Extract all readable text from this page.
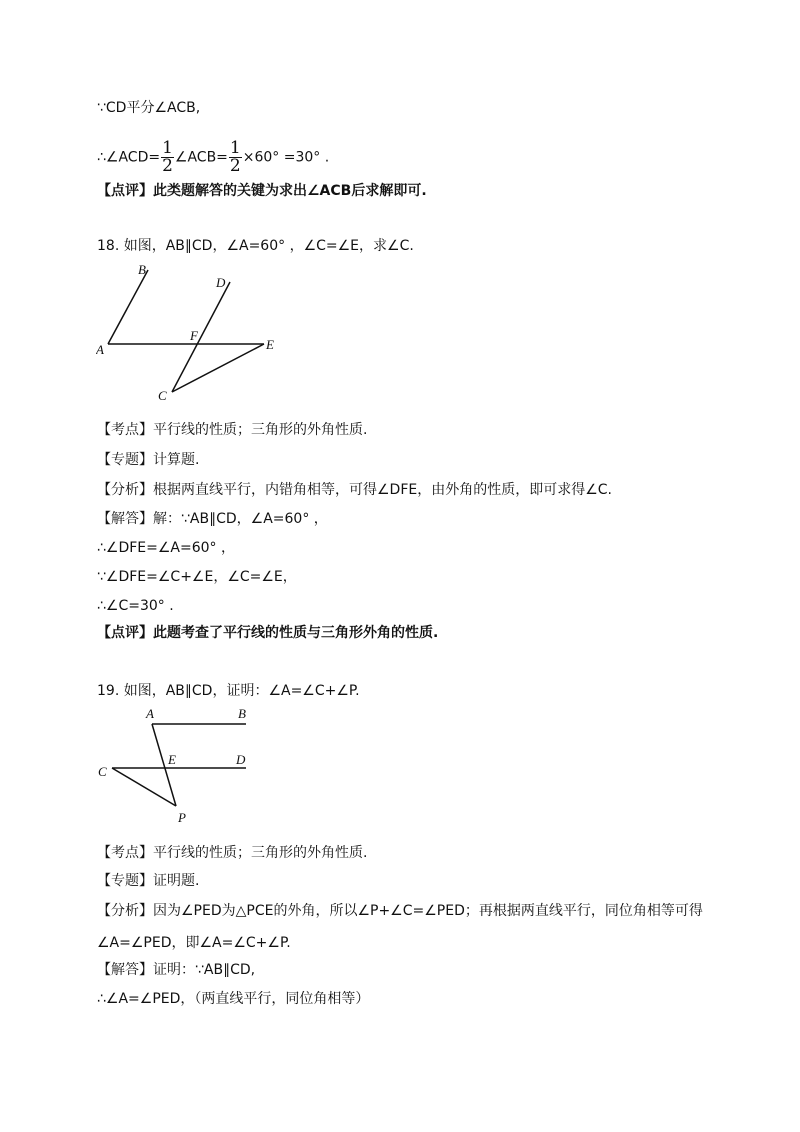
∵CD平分∠ACB,
∴∠ACD= $\frac{1}{2}$ ∠ACB= $\frac{1}{2} \times 60^\circ =30^\circ$ .
【点评】此类题解答的关键为求出∠ACB后求解即可.
18. 如图，AB∥CD，∠A=60° ，∠C=∠E，求∠C.
B
D
F
A	E
C
【考点】平行线的性质；三角形的外角性质.
【专题】计算题.
【分析】根据两直线平行，内错角相等，可得∠DFE，由外角的性质，即可求得∠C.
【解答】解：∵AB∥CD，∠A=60° ，
∴∠DFE=∠A=60° ，
∵∠DFE=∠C+∠E，∠C=∠E，
∴∠C=30° .
【点评】此题考查了平行线的性质与三角形外角的性质.
19. 如图，AB∥CD，证明：∠A=∠C+∠P.
A	B
C
E	D
P
【考点】平行线的性质；三角形的外角性质.
【专题】证明题.
【分析】因为∠PED为△PCE的外角，所以∠P+∠C=∠PED；再根据两直线平行，同位角相等可得
∠A=∠PED，即∠A=∠C+∠P.
【解答】证明：∵AB∥CD,
∴∠A=∠PED，（两直线平行，同位角相等）
